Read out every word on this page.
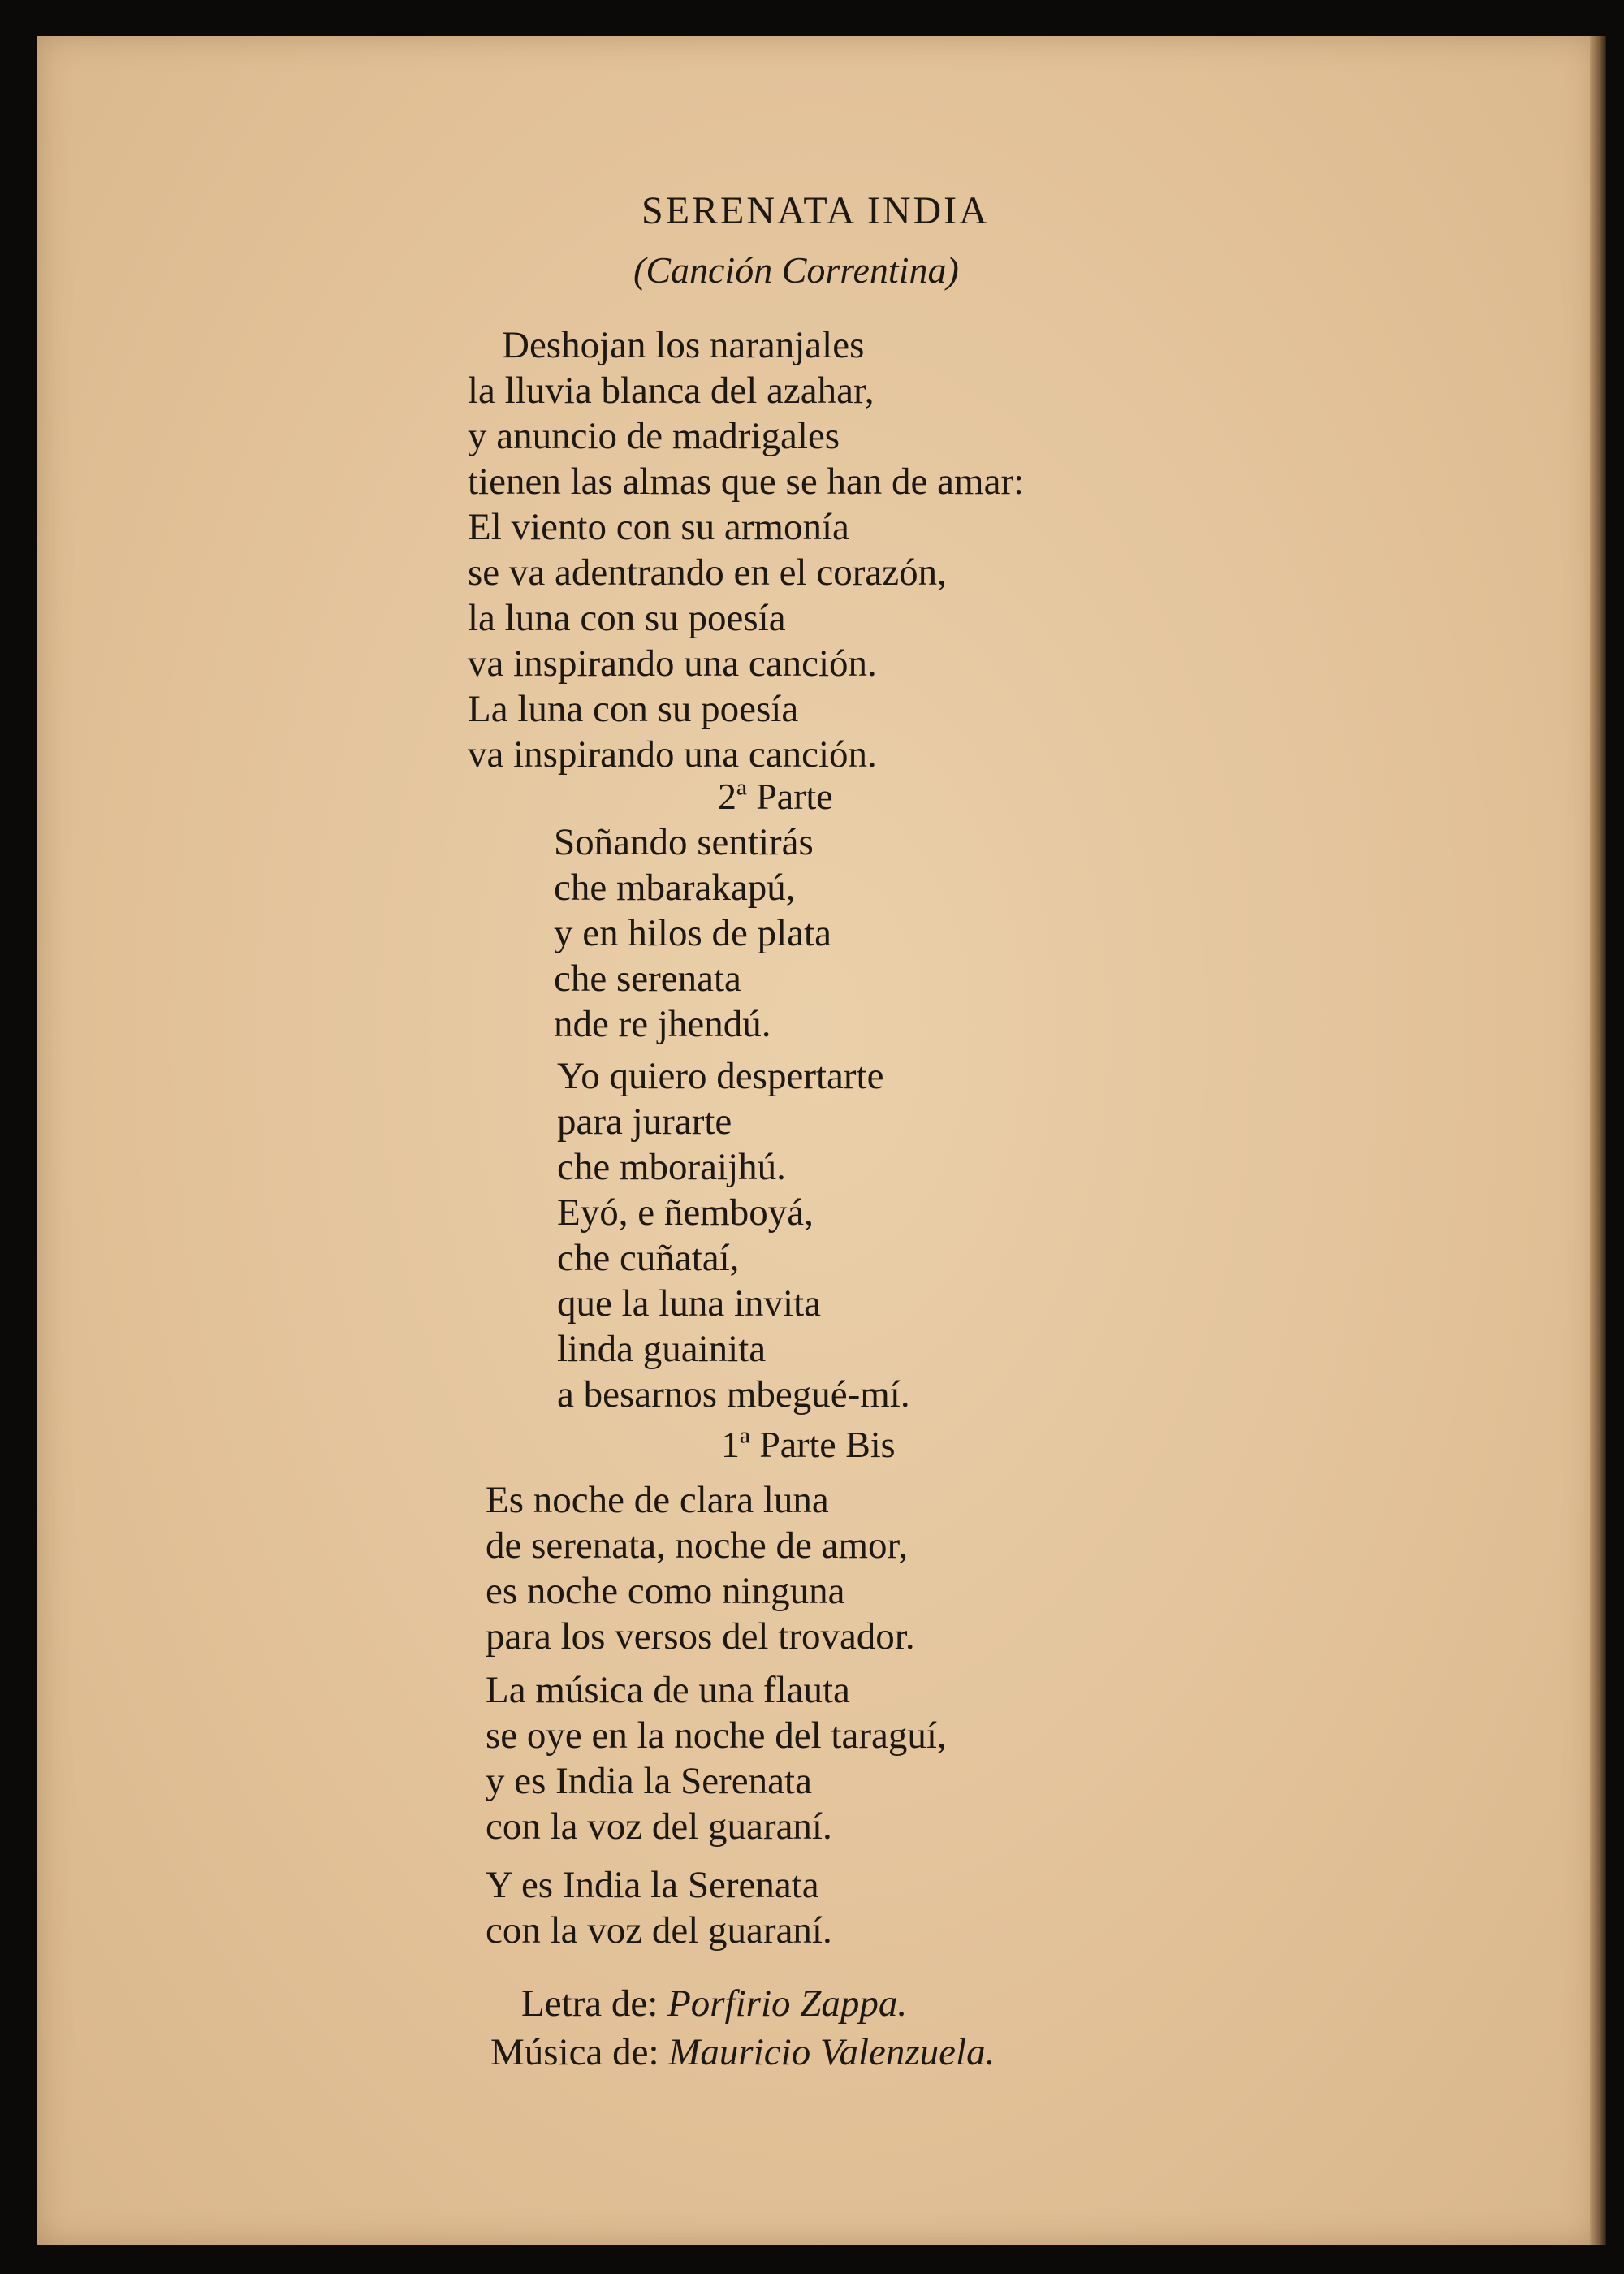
SERENATA INDIA
(Canción Correntina)
Deshojan los naranjales
la lluvia blanca del azahar,
y anuncio de madrigales
tienen las almas que se han de amar:
El viento con su armonía
se va adentrando en el corazón,
la luna con su poesía
va inspirando una canción.
La luna con su poesía
va inspirando una canción.
2ª Parte
Soñando sentirás
che mbarakapú,
y en hilos de plata
che serenata
nde re jhendú.
Yo quiero despertarte
para jurarte
che mboraijhú.
Eyó, e ñemboyá,
che cuñataí,
que la luna invita
linda guainita
a besarnos mbegué-mí.
1ª Parte Bis
Es noche de clara luna
de serenata, noche de amor,
es noche como ninguna
para los versos del trovador.
La música de una flauta
se oye en la noche del taraguí,
y es India la Serenata
con la voz del guaraní.
Y es India la Serenata
con la voz del guaraní.
Letra de: Porfirio Zappa.
Música de: Mauricio Valenzuela.
